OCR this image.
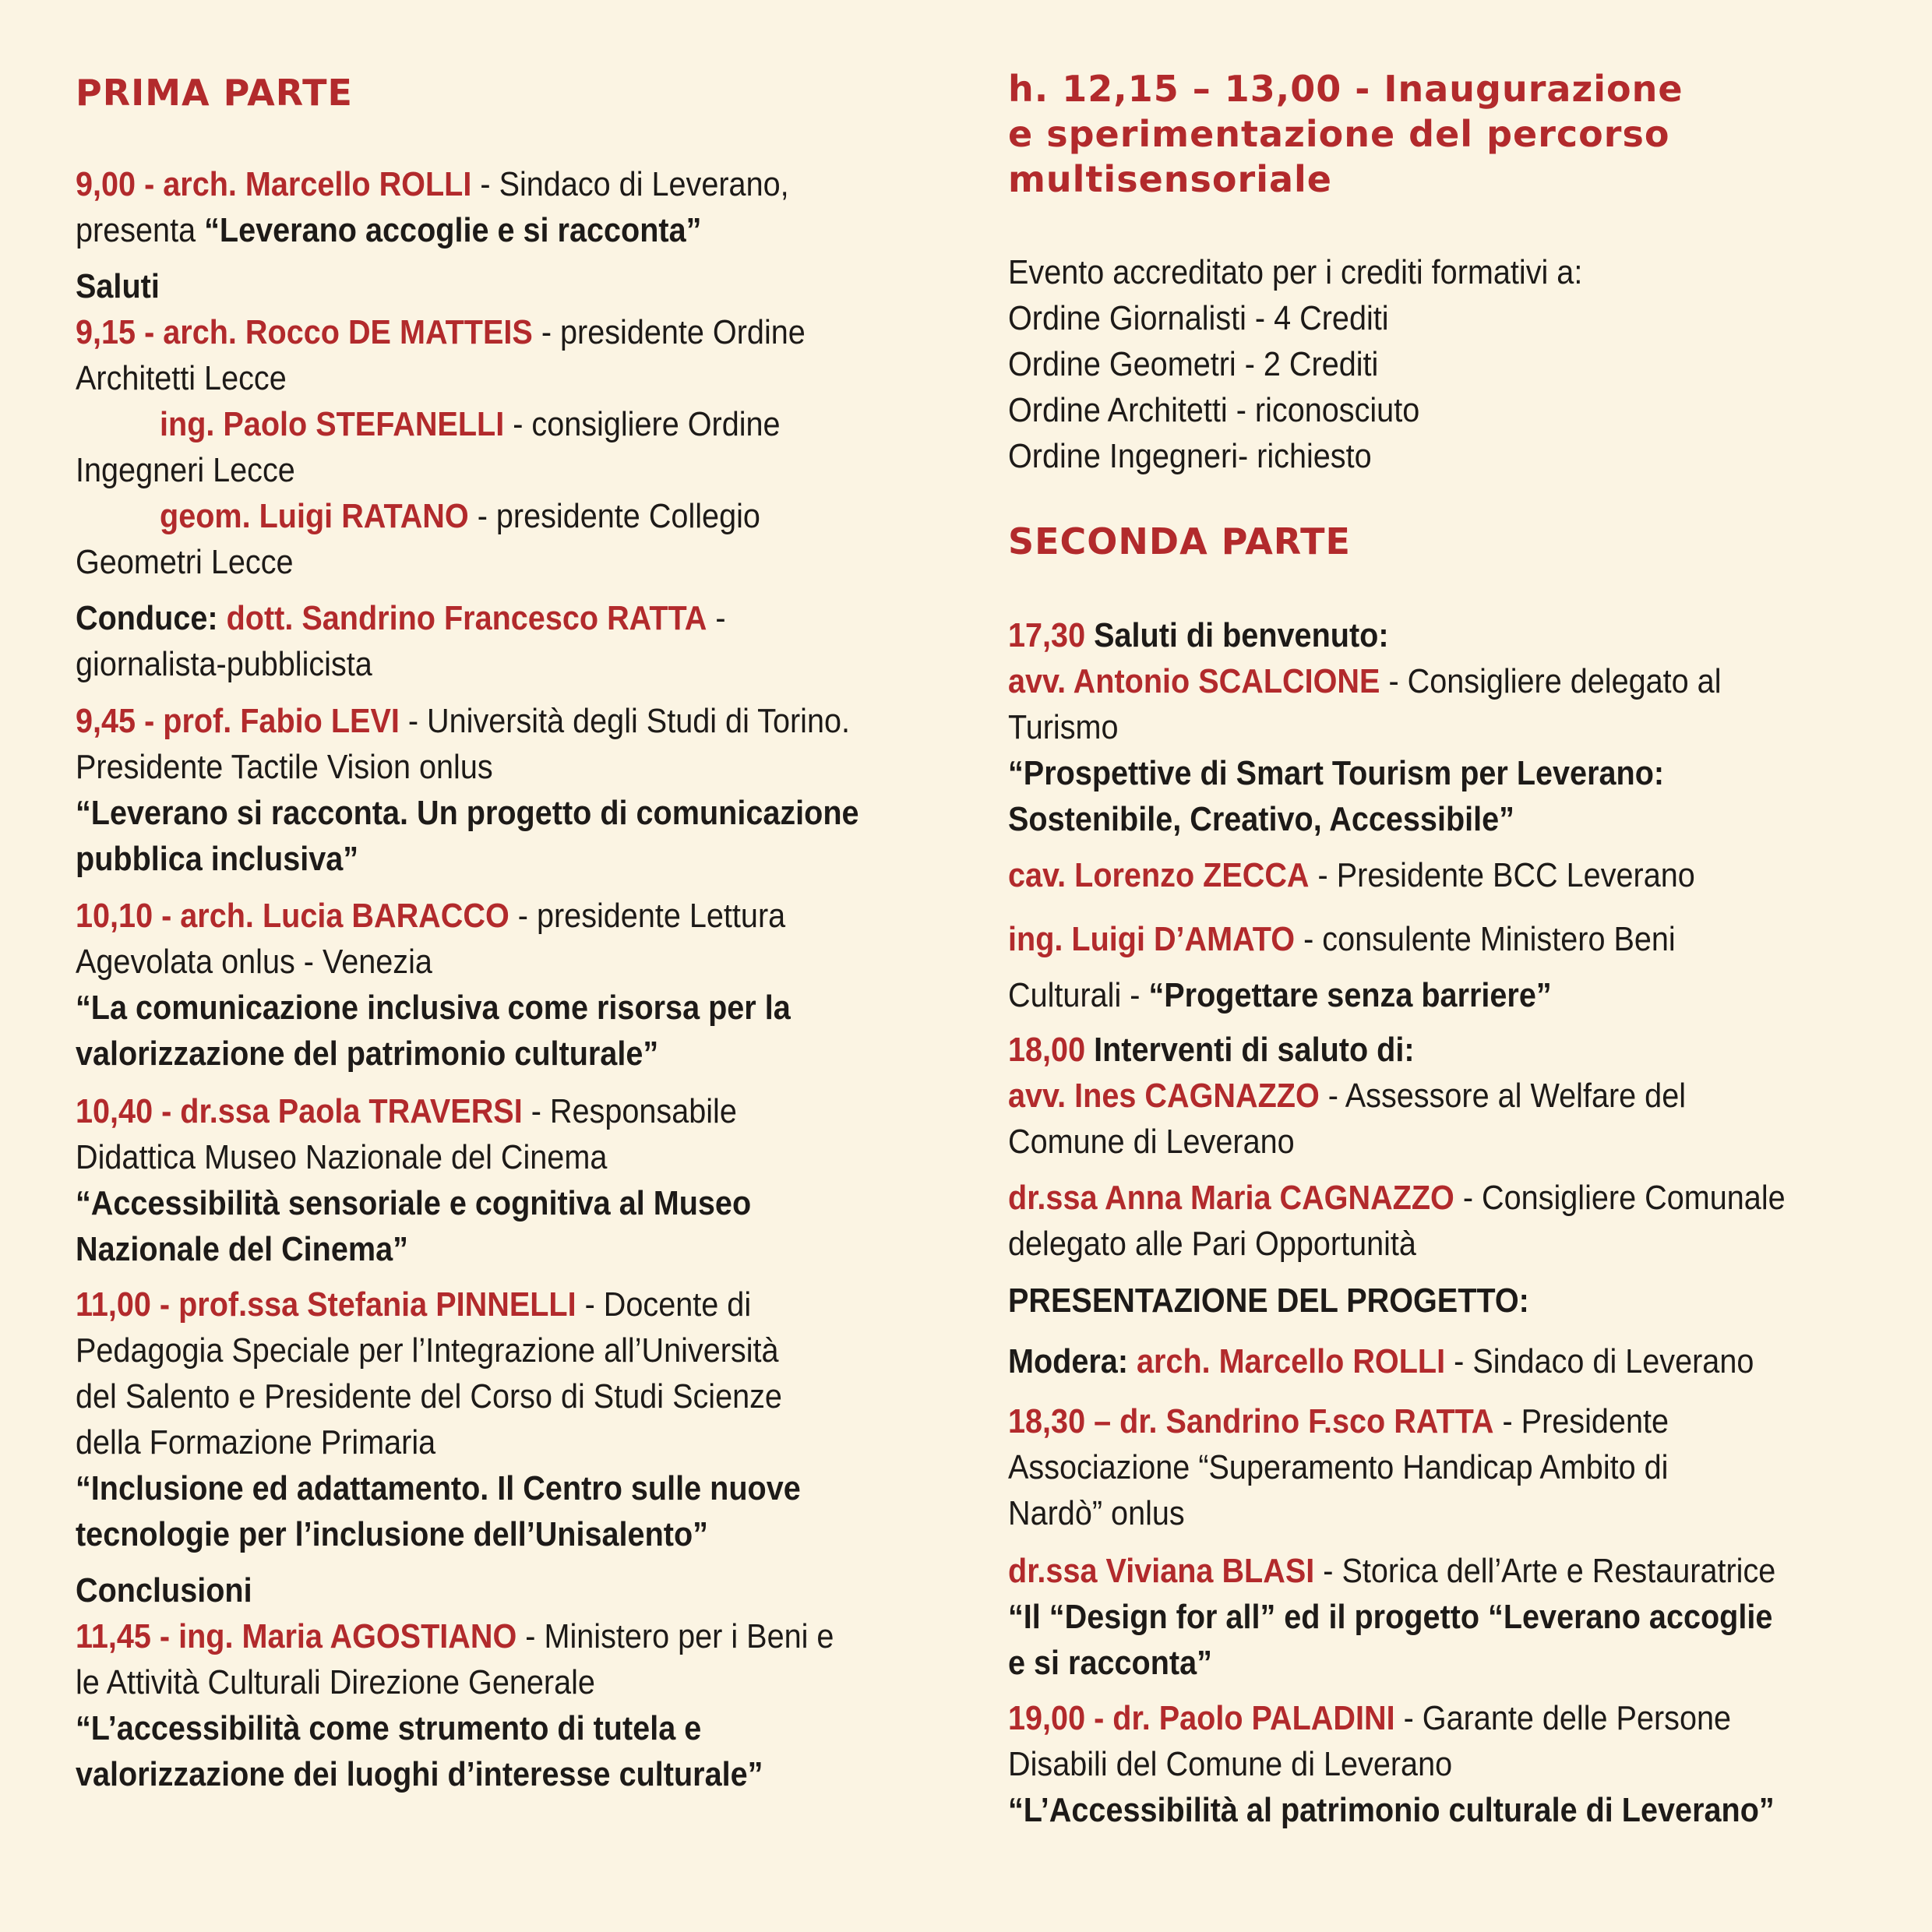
PRIMA PARTE

9,00 - arch. Marcello ROLLI - Sindaco di Leverano,

presenta “Leverano accoglie e si racconta”

Saluti

9,15 - arch. Rocco DE MATTEIS - presidente Ordine

Architetti Lecce

ing. Paolo STEFANELLI - consigliere Ordine

Ingegneri Lecce

geom. Luigi RATANO - presidente Collegio

Geometri Lecce

Conduce: dott. Sandrino Francesco RATTA -

giornalista-pubblicista

9,45 - prof. Fabio LEVI - Università degli Studi di Torino.

Presidente Tactile Vision onlus

“Leverano si racconta. Un progetto di comunicazione

pubblica inclusiva”

10,10 - arch. Lucia BARACCO - presidente Lettura

Agevolata onlus - Venezia

“La comunicazione inclusiva come risorsa per la

valorizzazione del patrimonio culturale”

10,40 - dr.ssa Paola TRAVERSI - Responsabile

Didattica Museo Nazionale del Cinema

“Accessibilità sensoriale e cognitiva al Museo

Nazionale del Cinema”

11,00 - prof.ssa Stefania PINNELLI - Docente di

Pedagogia Speciale per l’Integrazione all’Università

del Salento e Presidente del Corso di Studi Scienze

della Formazione Primaria

“Inclusione ed adattamento. Il Centro sulle nuove

tecnologie per l’inclusione dell’Unisalento”

Conclusioni

11,45 - ing. Maria AGOSTIANO - Ministero per i Beni e

le Attività Culturali Direzione Generale

“L’accessibilità come strumento di tutela e

valorizzazione dei luoghi d’interesse culturale”

h. 12,15 – 13,00 - Inaugurazione
e sperimentazione del percorso
multisensoriale

Evento accreditato per i crediti formativi a:

Ordine Giornalisti - 4 Crediti

Ordine Geometri - 2 Crediti

Ordine Architetti - riconosciuto

Ordine Ingegneri- richiesto

SECONDA PARTE

17,30 Saluti di benvenuto:

avv. Antonio SCALCIONE - Consigliere delegato al

Turismo

“Prospettive di Smart Tourism per Leverano:

Sostenibile, Creativo, Accessibile”

cav. Lorenzo ZECCA - Presidente BCC Leverano

ing. Luigi D’AMATO - consulente Ministero Beni

Culturali - “Progettare senza barriere”

18,00 Interventi di saluto di:

avv. Ines CAGNAZZO - Assessore al Welfare del

Comune di Leverano

dr.ssa Anna Maria CAGNAZZO - Consigliere Comunale

delegato alle Pari Opportunità

PRESENTAZIONE DEL PROGETTO:

Modera: arch. Marcello ROLLI - Sindaco di Leverano

18,30 – dr. Sandrino F.sco RATTA - Presidente

Associazione “Superamento Handicap Ambito di

Nardò” onlus

dr.ssa Viviana BLASI - Storica dell’Arte e Restauratrice

“Il “Design for all” ed il progetto “Leverano accoglie

e si racconta”

19,00 - dr. Paolo PALADINI - Garante delle Persone

Disabili del Comune di Leverano

“L’Accessibilità al patrimonio culturale di Leverano”
